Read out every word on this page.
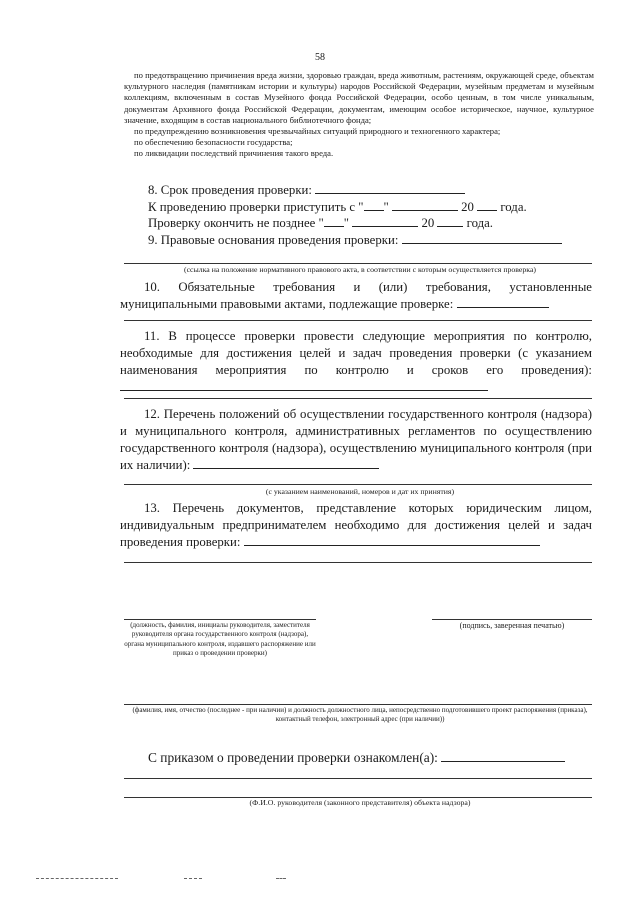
58
по предотвращению причинения вреда жизни, здоровью граждан, вреда животным, растениям, окружающей среде, объектам культурного наследия (памятникам истории и культуры) народов Российской Федерации, музейным предметам и музейным коллекциям, включенным в состав Музейного фонда Российской Федерации, особо ценным, в том числе уникальным, документам Архивного фонда Российской Федерации, документам, имеющим особое историческое, научное, культурное значение, входящим в состав национального библиотечного фонда;
по предупреждению возникновения чрезвычайных ситуаций природного и техногенного характера;
по обеспечению безопасности государства;
по ликвидации последствий причинения такого вреда.
8. Срок проведения проверки:
К проведению проверки приступить с " "	20 года.
Проверку окончить не позднее " "	20	года.
9. Правовые основания проведения проверки:
(ссылка на положение нормативного правового акта, в соответствии с которым осуществляется проверка)
10. Обязательные требования и (или) требования, установленные муниципальными правовыми актами, подлежащие проверке:
11. В процессе проверки провести следующие мероприятия по контролю, необходимые для достижения целей и задач проведения проверки (с указанием наименования мероприятия по контролю и сроков его проведения):
12. Перечень положений об осуществлении государственного контроля (надзора) и муниципального контроля, административных регламентов по осуществлению государственного контроля (надзора), осуществлению муниципального контроля (при их наличии):
(с указанием наименований, номеров и дат их принятия)
13. Перечень документов, представление которых юридическим лицом, индивидуальным предпринимателем необходимо для достижения целей и задач проведения проверки:
(должность, фамилия, инициалы руководителя, заместителя руководителя органа государственного контроля (надзора), органа муниципального контроля, издавшего распоряжение или приказ о проведении проверки)
(подпись, заверенная печатью)
(фамилия, имя, отчество (последнее - при наличии) и должность должностного лица, непосредственно подготовившего проект распоряжения (приказа), контактный телефон, электронный адрес (при наличии))
С приказом о проведении проверки ознакомлен(а):
(Ф.И.О. руководителя (законного представителя) объекта надзора)
